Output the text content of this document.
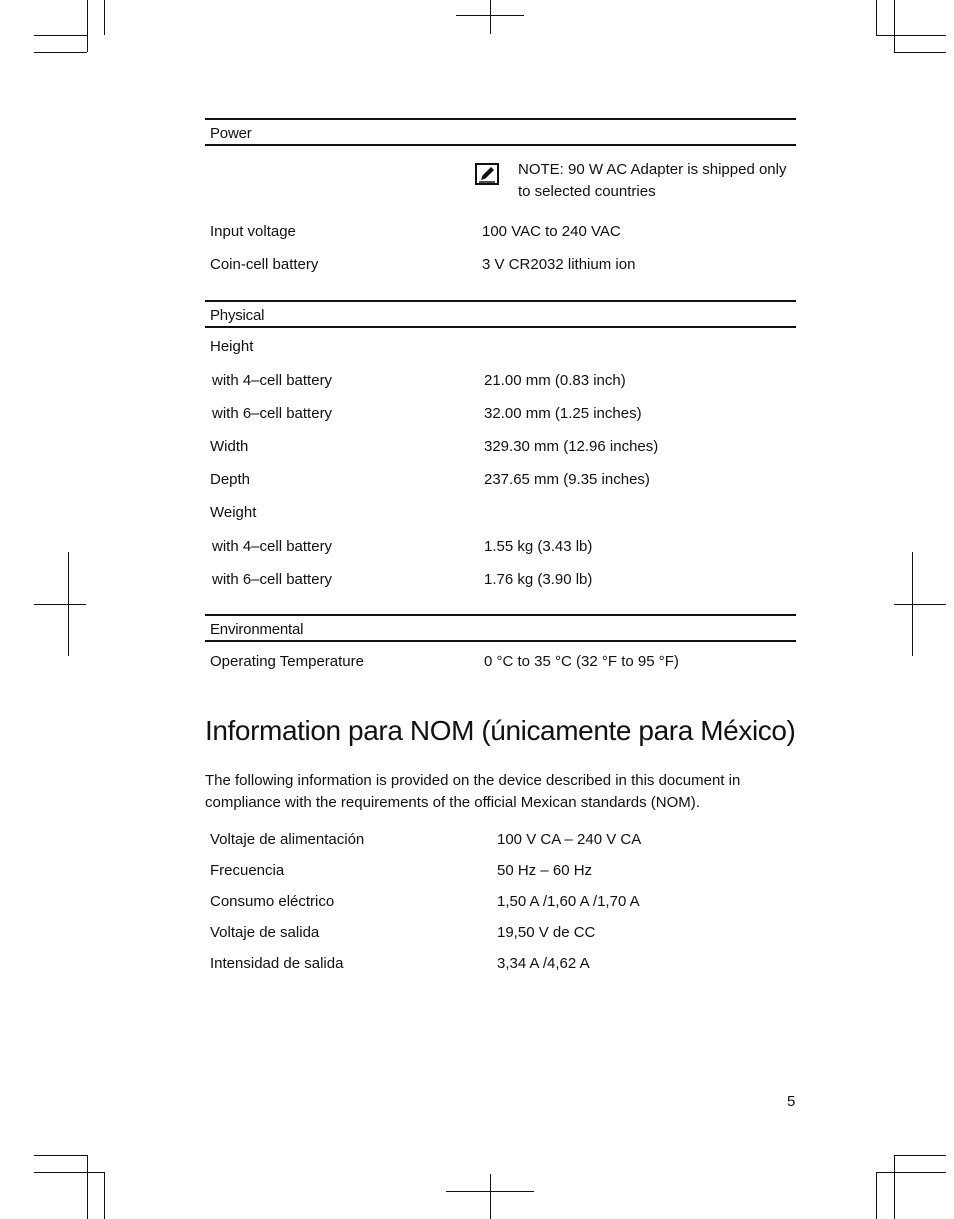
Power
NOTE: 90 W AC Adapter is shipped only to selected countries
Input voltage	100 VAC to 240 VAC
Coin-cell battery	3 V CR2032 lithium ion
Physical
Height
with 4–cell battery	21.00 mm (0.83 inch)
with 6–cell battery	32.00 mm (1.25 inches)
Width	329.30 mm (12.96 inches)
Depth	237.65 mm (9.35 inches)
Weight
with 4–cell battery	1.55 kg (3.43 lb)
with 6–cell battery	1.76 kg (3.90 lb)
Environmental
Operating Temperature	0 °C to 35 °C (32 °F to 95 °F)
Information para NOM (únicamente para México)
The following information is provided on the device described in this document in compliance with the requirements of the official Mexican standards (NOM).
Voltaje de alimentación	100 V CA – 240 V CA
Frecuencia	50 Hz – 60 Hz
Consumo eléctrico	1,50 A /1,60 A /1,70 A
Voltaje de salida	19,50 V de CC
Intensidad de salida	3,34 A /4,62 A
5
